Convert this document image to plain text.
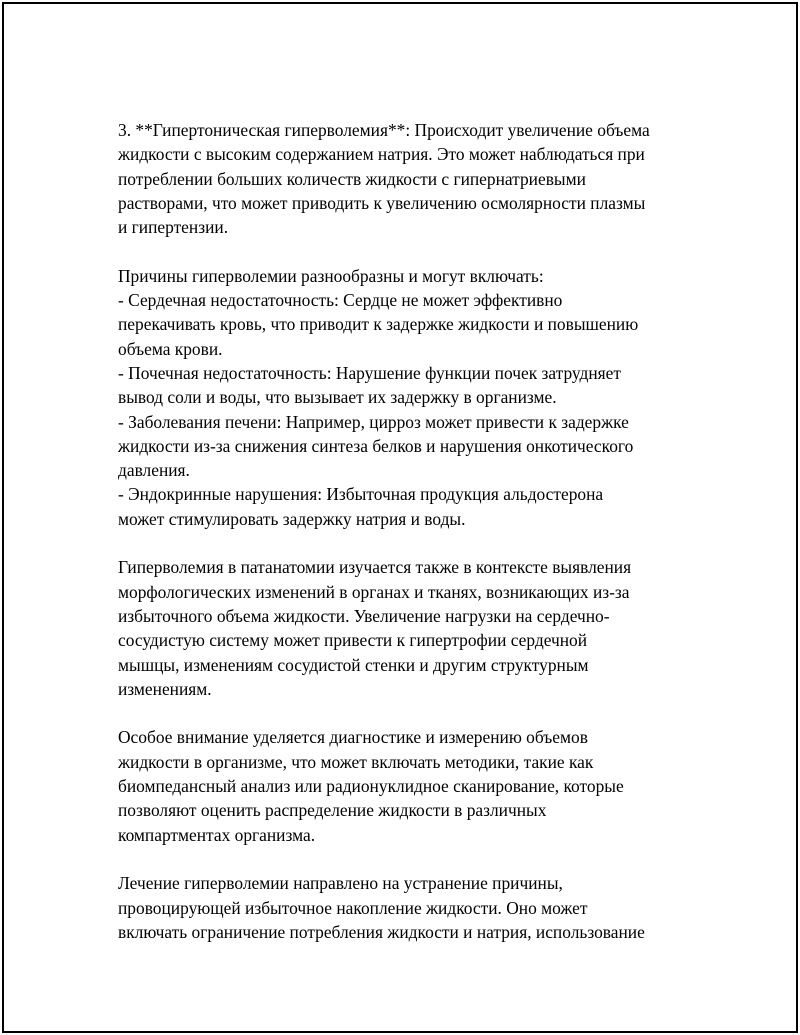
3. **Гипертоническая гиперволемия**: Происходит увеличение объема
жидкости с высоким содержанием натрия. Это может наблюдаться при
потреблении больших количеств жидкости с гипернатриевыми
растворами, что может приводить к увеличению осмолярности плазмы
и гипертензии.
Причины гиперволемии разнообразны и могут включать:
- Сердечная недостаточность: Сердце не может эффективно
перекачивать кровь, что приводит к задержке жидкости и повышению
объема крови.
- Почечная недостаточность: Нарушение функции почек затрудняет
вывод соли и воды, что вызывает их задержку в организме.
- Заболевания печени: Например, цирроз может привести к задержке
жидкости из-за снижения синтеза белков и нарушения онкотического
давления.
- Эндокринные нарушения: Избыточная продукция альдостерона
может стимулировать задержку натрия и воды.
Гиперволемия в патанатомии изучается также в контексте выявления
морфологических изменений в органах и тканях, возникающих из-за
избыточного объема жидкости. Увеличение нагрузки на сердечно-
сосудистую систему может привести к гипертрофии сердечной
мышцы, изменениям сосудистой стенки и другим структурным
изменениям.
Особое внимание уделяется диагностике и измерению объемов
жидкости в организме, что может включать методики, такие как
биомпедансный анализ или радионуклидное сканирование, которые
позволяют оценить распределение жидкости в различных
компартментах организма.
Лечение гиперволемии направлено на устранение причины,
провоцирующей избыточное накопление жидкости. Оно может
включать ограничение потребления жидкости и натрия, использование
